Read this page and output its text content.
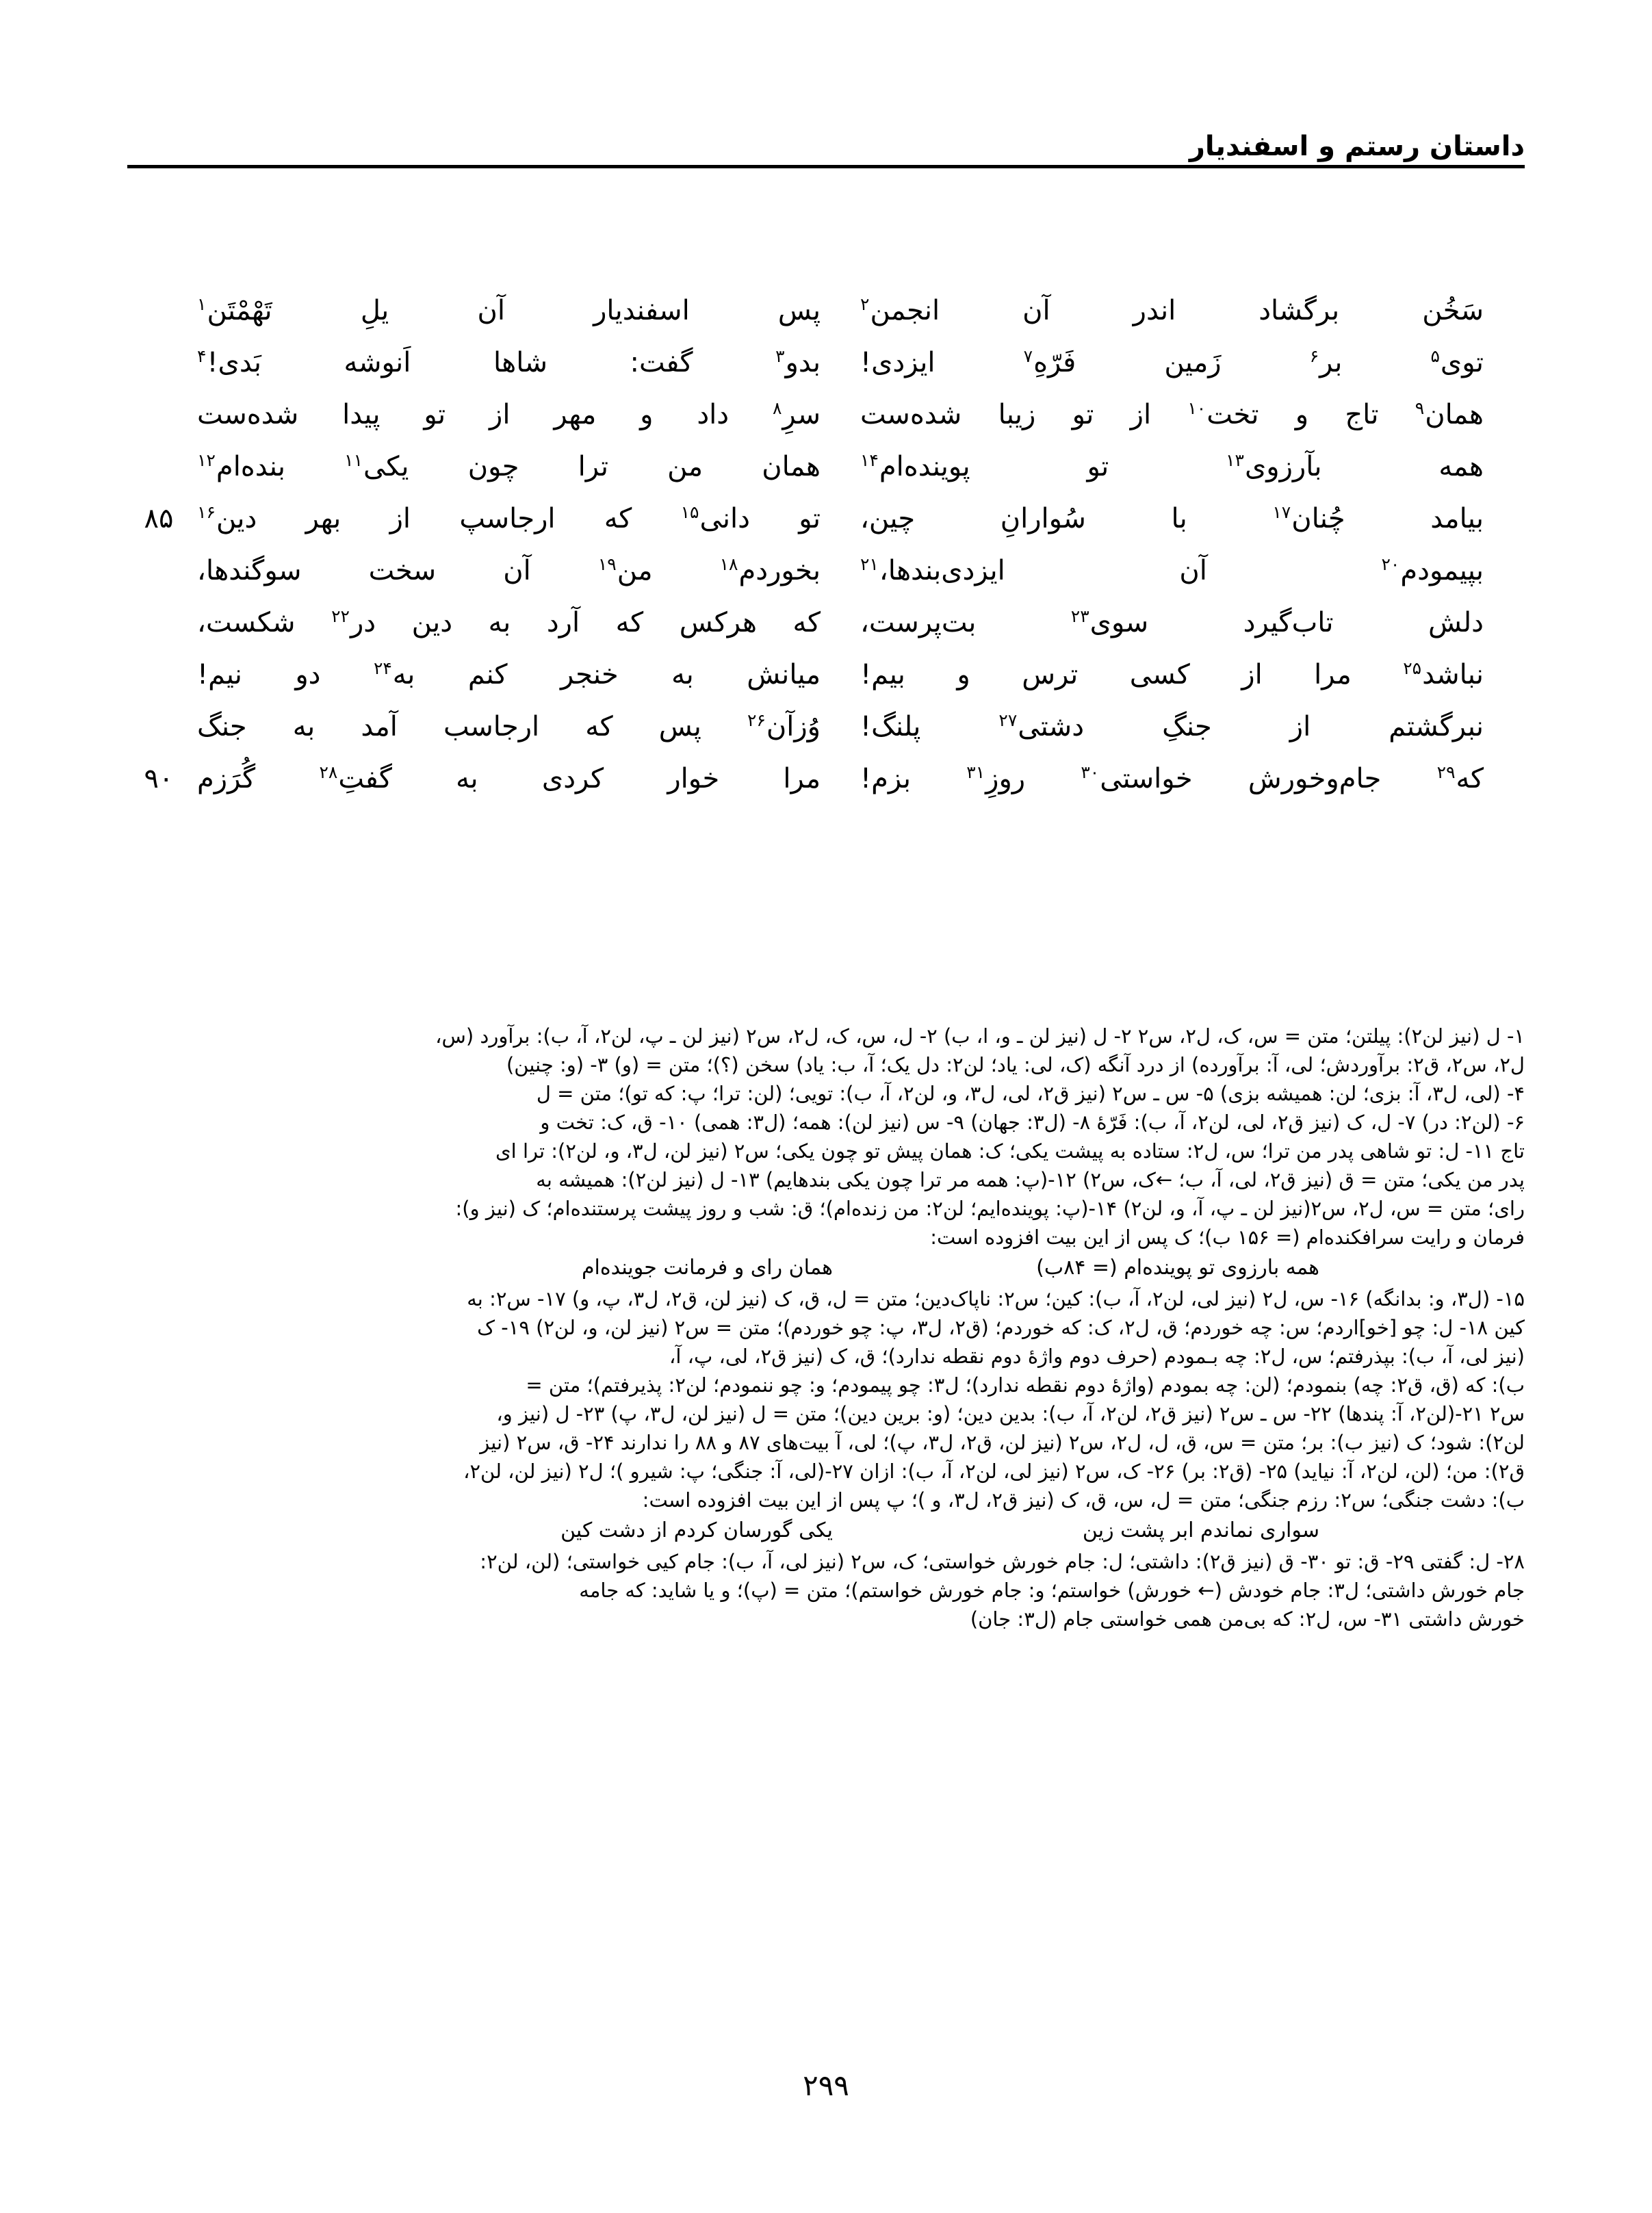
داستان رستم و اسفندیار
سَخُن
برگشاد
اندر
آن
انجمن$^۲$
پس
اسفندیار
آن
یلِ
تَهْمْتَن$^۱$
توی$^۵$
بر$^۶$
زَمین
فَرّهِ$^۷$
ایزدی!
بدو$^۳$
گفت:
شاها
اَنوشه
بَدی!$^۴$
همان$^۹$
تاج
و
تخت$^{۱۰}$
از
تو
زیبا
شده‌ست
سرِ$^۸$
داد
و
مهر
از
تو
پیدا
شده‌ست
همه
بآرزوی$^{۱۳}$
تو
پوینده‌ام$^{۱۴}$
همان
من
ترا
چون
یکی$^{۱۱}$
بنده‌ام$^{۱۲}$
بیامد
چُنان$^{۱۷}$
با
سُوارانِ
چین،
تو
دانی$^{۱۵}$
که
ارجاسپ
از
بهر
دین$^{۱۶}$
۸۵
بپیمودم$^{۲۰}$
آن
ایزدی‌بندها،$^{۲۱}$
بخوردم$^{۱۸}$
من$^{۱۹}$
آن
سخت
سوگندها،
دلش
تاب‌گیرد
سوی$^{۲۳}$
بت‌پرست،
که
هرکس
که
آرد
به
دین
در$^{۲۲}$
شکست،
نباشد$^{۲۵}$
مرا
از
کسی
ترس
و
بیم!
میانش
به
خنجر
کنم
به$^{۲۴}$
دو
نیم!
نبرگشتم
از
جنگِ
دشتی$^{۲۷}$
پلنگ!
وُزآن$^{۲۶}$
پس
که
ارجاسب
آمد
به
جنگ
که$^{۲۹}$
جام‌وخورش
خواستی$^{۳۰}$
روزِ$^{۳۱}$
بزم!
مرا
خوار
کردی
به
گفتِ$^{۲۸}$
گُرَزم
۹۰
۱- ل (نیز لن۲): پیلتن؛ متن = س، ک، ل۲، س۲ ۲- ل (نیز لن ـ و، ا، ب) ۲- ل، س، ک، ل۲، س۲ (نیز لن ـ پ، لن۲، آ، ب): برآورد (س،
ل۲، س۲، ق۲: برآوردش؛ لی، آ: برآورده) از درد آنگه (ک، لی: یاد؛ لن۲: دل یک؛ آ، ب: یاد) سخن (؟)؛ متن = (و) ۳- (و: چنین)
۴- (لی، ل۳، آ: بزی؛ لن: همیشه بزی) ۵- س ـ س۲ (نیز ق۲، لی، ل۳، و، لن۲، آ، ب): تویی؛ (لن: ترا؛ پ: که تو)؛ متن = ل
۶- (لن۲: در) ۷- ل، ک (نیز ق۲، لی، لن۲، آ، ب): فَرّهٔ ۸- (ل۳: جهان) ۹- س (نیز لن): همه؛ (ل۳: همی) ۱۰- ق، ک: تخت و
تاج ۱۱- ل: تو شاهی پدر من ترا؛ س، ل۲: ستاده به پیشت یکی؛ ک: همان پیش تو چون یکی؛ س۲ (نیز لن، ل۳، و، لن۲): ترا ای
پدر من یکی؛ متن = ق (نیز ق۲، لی، آ، ب؛ ←ک، س۲) ۱۲-(پ: همه مر ترا چون یکی بندهایم) ۱۳- ل (نیز لن۲): همیشه به
رای؛ متن = س، ل۲، س۲(نیز لن ـ پ، آ، و، لن۲) ۱۴-(پ: پوینده‌ایم؛ لن۲: من زنده‌ام)؛ ق: شب و روز پیشت پرستنده‌ام؛ ک (نیز و):
فرمان و رایت سرافکنده‌ام (= ۱۵۶ ب)؛ ک پس از این بیت افزوده است:
همه بارزوی تو پوینده‌ام (= ۸۴ب)
همان رای و فرمانت جوینده‌ام
۱۵- (ل۳، و: بدانگه) ۱۶- س، ل۲ (نیز لی، لن۲، آ، ب): کین؛ س۲: ناپاک‌دین؛ متن = ل، ق، ک (نیز لن، ق۲، ل۳، پ، و) ۱۷- س۲: به
کین ۱۸- ل: چو [خو]اردم؛ س: چه خوردم؛ ق، ل۲، ک: که خوردم؛ (ق۲، ل۳، پ: چو خوردم)؛ متن = س۲ (نیز لن، و، لن۲) ۱۹- ک
(نیز لی، آ، ب): بپذرفتم؛ س، ل۲: چه بـمودم (حرف دوم واژهٔ دوم نقطه ندارد)؛ ق، ک (نیز ق۲، لی، پ، آ،
ب): که (ق، ق۲: چه) بنمودم؛ (لن: چه بمودم (واژهٔ دوم نقطه ندارد)؛ ل۳: چو پیمودم؛ و: چو ننمودم؛ لن۲: پذیرفتم)؛ متن =
س۲ ۲۱-(لن۲، آ: پندها) ۲۲- س ـ س۲ (نیز ق۲، لن۲، آ، ب): بدین دین؛ (و: برین دین)؛ متن = ل (نیز لن، ل۳، پ) ۲۳- ل (نیز و،
لن۲): شود؛ ک (نیز ب): بر؛ متن = س، ق، ل، ل۲، س۲ (نیز لن، ق۲، ل۳، پ)؛ لی، آ بیت‌های ۸۷ و ۸۸ را ندارند ۲۴- ق، س۲ (نیز
ق۲): من؛ (لن، لن۲، آ: نیاید) ۲۵- (ق۲: بر) ۲۶- ک، س۲ (نیز لی، لن۲، آ، ب): ازان ۲۷-(لی، آ: جنگی؛ پ: شیرو )؛ ل۲ (نیز لن، لن۲،
ب): دشت جنگی؛ س۲: رزم جنگی؛ متن = ل، س، ق، ک (نیز ق۲، ل۳، و )؛ پ پس از این بیت افزوده است:
سواری نماندم ابر پشت زین
یکی گورسان کردم از دشت کین
۲۸- ل: گفتی ۲۹- ق: تو ۳۰- ق (نیز ق۲): داشتی؛ ل: جام خورش خواستی؛ ک، س۲ (نیز لی، آ، ب): جام کیی خواستی؛ (لن، لن۲:
جام خورش داشتی؛ ل۳: جام خودش (← خورش) خواستم؛ و: جام خورش خواستم)؛ متن = (پ)؛ و یا شاید: که جامه
خورش داشتی ۳۱- س، ل۲: که بی‌من همی خواستی جام (ل۳: جان)
۲۹۹
